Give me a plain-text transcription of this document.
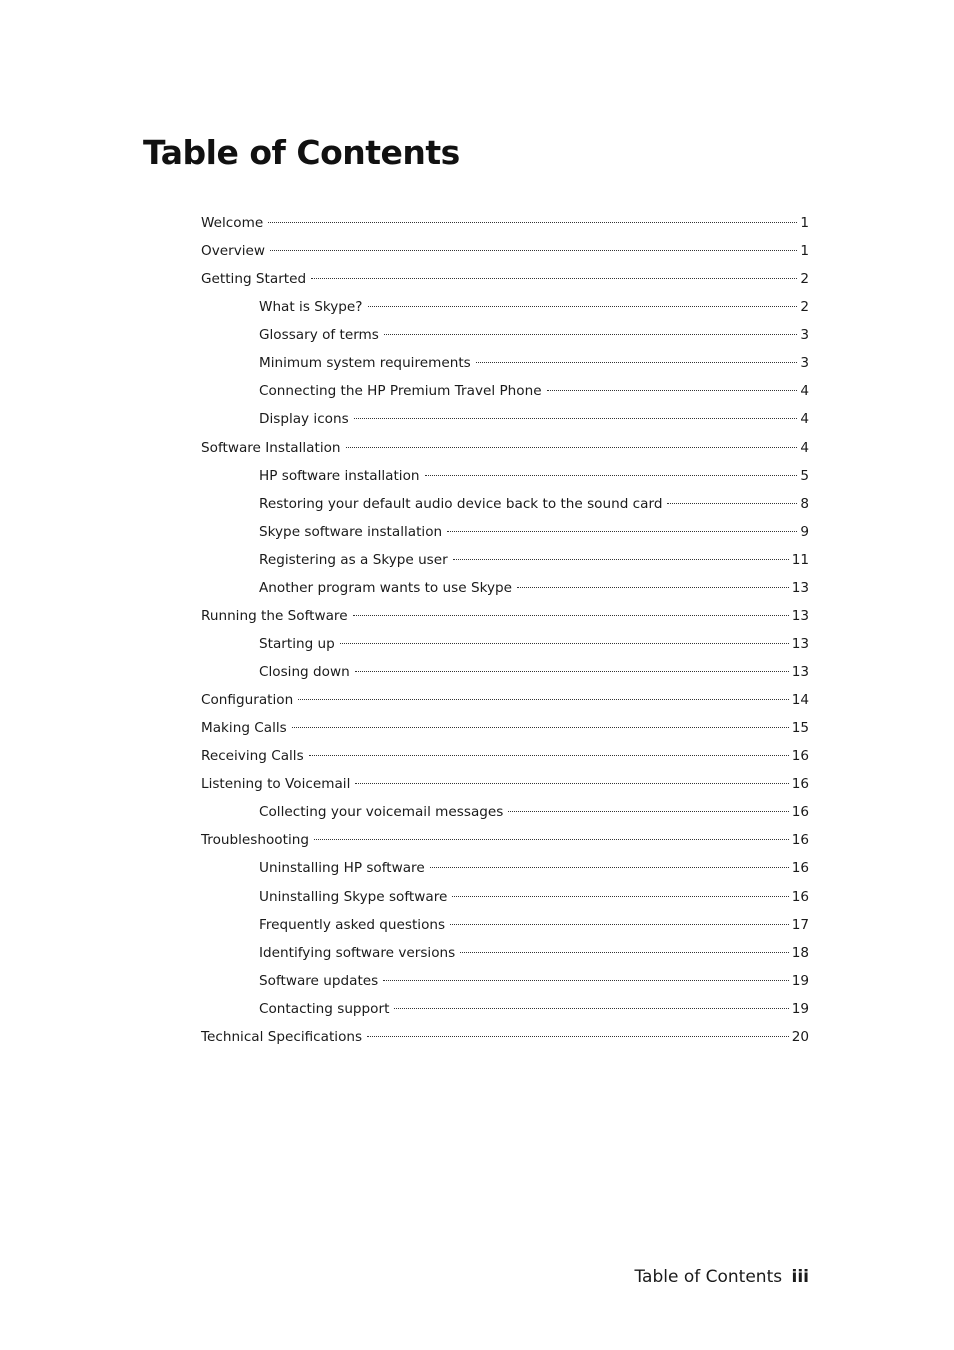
Table of Contents
Welcome	1
Overview	1
Getting Started	2
What is Skype?	2
Glossary of terms	3
Minimum system requirements	3
Connecting the HP Premium Travel Phone	4
Display icons	4
Software Installation	4
HP software installation	5
Restoring your default audio device back to the sound card	8
Skype software installation	9
Registering as a Skype user	11
Another program wants to use Skype	13
Running the Software	13
Starting up	13
Closing down	13
Configuration	14
Making Calls	15
Receiving Calls	16
Listening to Voicemail	16
Collecting your voicemail messages	16
Troubleshooting	16
Uninstalling HP software	16
Uninstalling Skype software	16
Frequently asked questions	17
Identifying software versions	18
Software updates	19
Contacting support	19
Technical Specifications	20
Table of Contents iii
